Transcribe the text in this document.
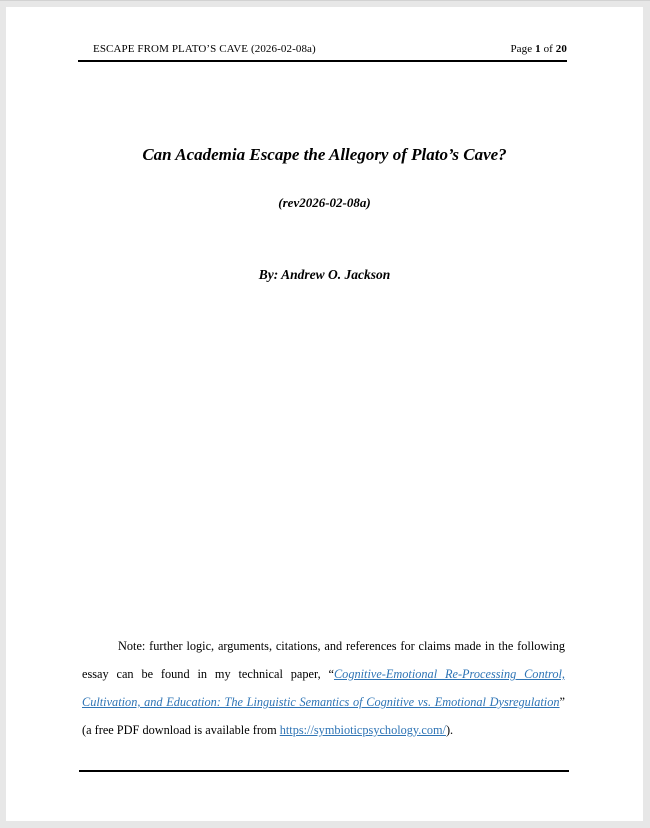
ESCAPE FROM PLATO’S CAVE (2026-02-08a)	Page 1 of 20
Can Academia Escape the Allegory of Plato’s Cave?
(rev2026-02-08a)
By: Andrew O. Jackson
Note: further logic, arguments, citations, and references for claims made in the following
essay can be found in my technical paper, “Cognitive-Emotional Re-Processing Control,
Cultivation, and Education: The Linguistic Semantics of Cognitive vs. Emotional Dysregulation”
(a free PDF download is available from https://symbioticpsychology.com/).
